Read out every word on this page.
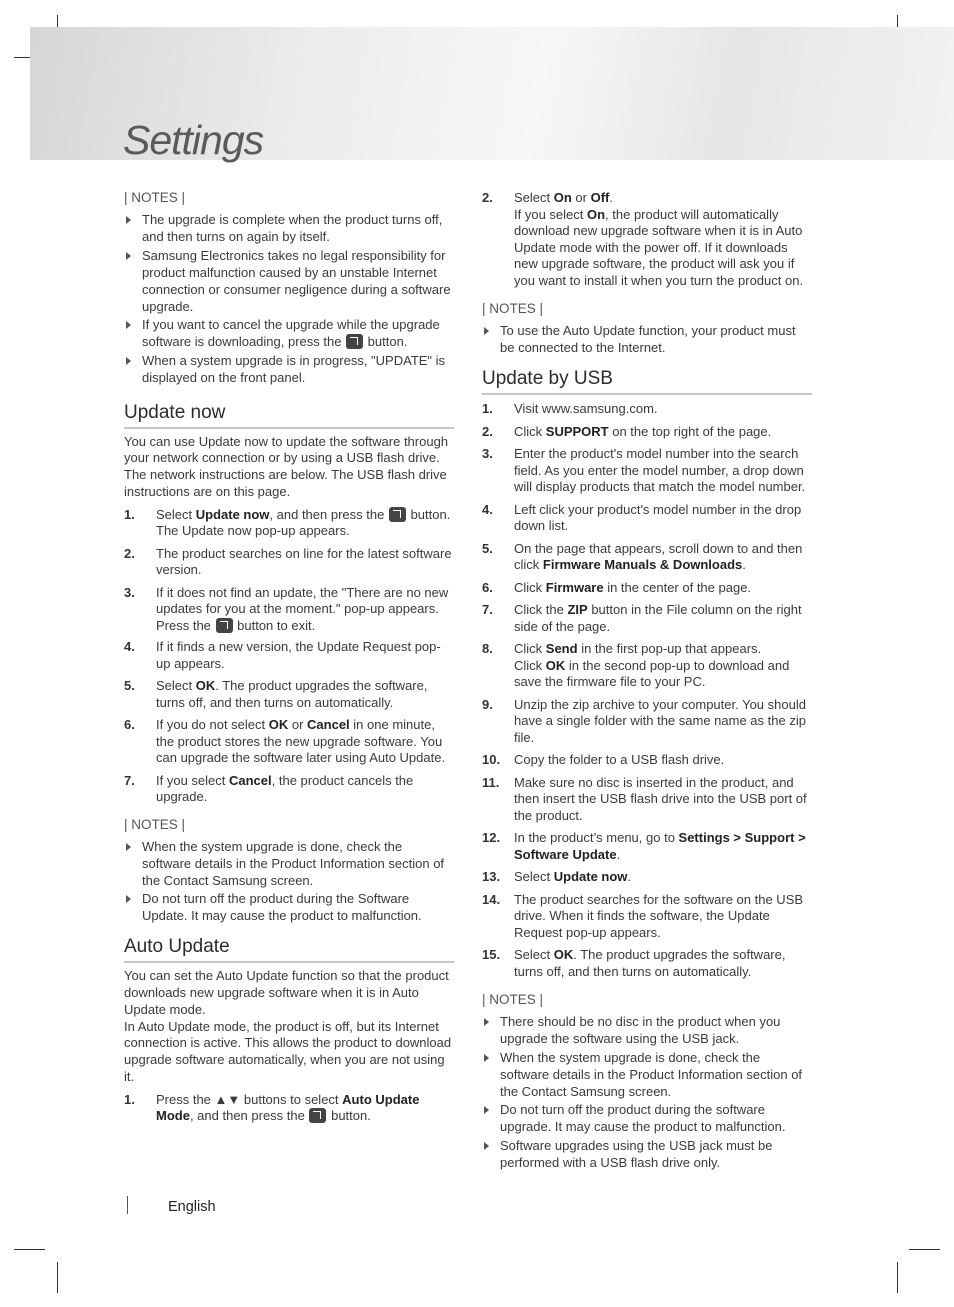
Settings
| NOTES |
The upgrade is complete when the product turns off, and then turns on again by itself.
Samsung Electronics takes no legal responsibility for product malfunction caused by an unstable Internet connection or consumer negligence during a software upgrade.
If you want to cancel the upgrade while the upgrade software is downloading, press the  button.
When a system upgrade is in progress, "UPDATE" is displayed on the front panel.
Update now

You can use Update now to update the software through your network connection or by using a USB flash drive. The network instructions are below. The USB flash drive instructions are on this page.

1. Select Update now, and then press the  button. The Update now pop-up appears.
2. The product searches on line for the latest software version.
3. If it does not find an update, the "There are no new updates for you at the moment." pop-up appears. Press the  button to exit.
4. If it finds a new version, the Update Request pop-up appears.
5. Select OK. The product upgrades the software, turns off, and then turns on automatically.
6. If you do not select OK or Cancel in one minute, the product stores the new upgrade software. You can upgrade the software later using Auto Update.
7. If you select Cancel, the product cancels the upgrade.
| NOTES |
When the system upgrade is done, check the software details in the Product Information section of the Contact Samsung screen.
Do not turn off the product during the Software Update. It may cause the product to malfunction.
Auto Update

You can set the Auto Update function so that the product downloads new upgrade software when it is in Auto Update mode.

In Auto Update mode, the product is off, but its Internet connection is active. This allows the product to download upgrade software automatically, when you are not using it.

1. Press the ▲▼ buttons to select Auto Update Mode, and then press the  button.
2. Select On or Off.
If you select On, the product will automatically download new upgrade software when it is in Auto Update mode with the power off. If it downloads new upgrade software, the product will ask you if you want to install it when you turn the product on.
| NOTES |
To use the Auto Update function, your product must be connected to the Internet.
Update by USB
1. Visit www.samsung.com.
2. Click SUPPORT on the top right of the page.
3. Enter the product's model number into the search field. As you enter the model number, a drop down will display products that match the model number.
4. Left click your product's model number in the drop down list.
5. On the page that appears, scroll down to and then click Firmware Manuals & Downloads.
6. Click Firmware in the center of the page.
7. Click the ZIP button in the File column on the right side of the page.
8. Click Send in the first pop-up that appears.
Click OK in the second pop-up to download and save the firmware file to your PC.
9. Unzip the zip archive to your computer. You should have a single folder with the same name as the zip file.
10. Copy the folder to a USB flash drive.
11. Make sure no disc is inserted in the product, and then insert the USB flash drive into the USB port of the product.
12. In the product’s menu, go to Settings > Support > Software Update.
13. Select Update now.
14. The product searches for the software on the USB drive. When it finds the software, the Update Request pop-up appears.
15. Select OK. The product upgrades the software, turns off, and then turns on automatically.
| NOTES |
There should be no disc in the product when you upgrade the software using the USB jack.
When the system upgrade is done, check the software details in the Product Information section of the Contact Samsung screen.
Do not turn off the product during the software upgrade. It may cause the product to malfunction.
Software upgrades using the USB jack must be performed with a USB flash drive only.
English
